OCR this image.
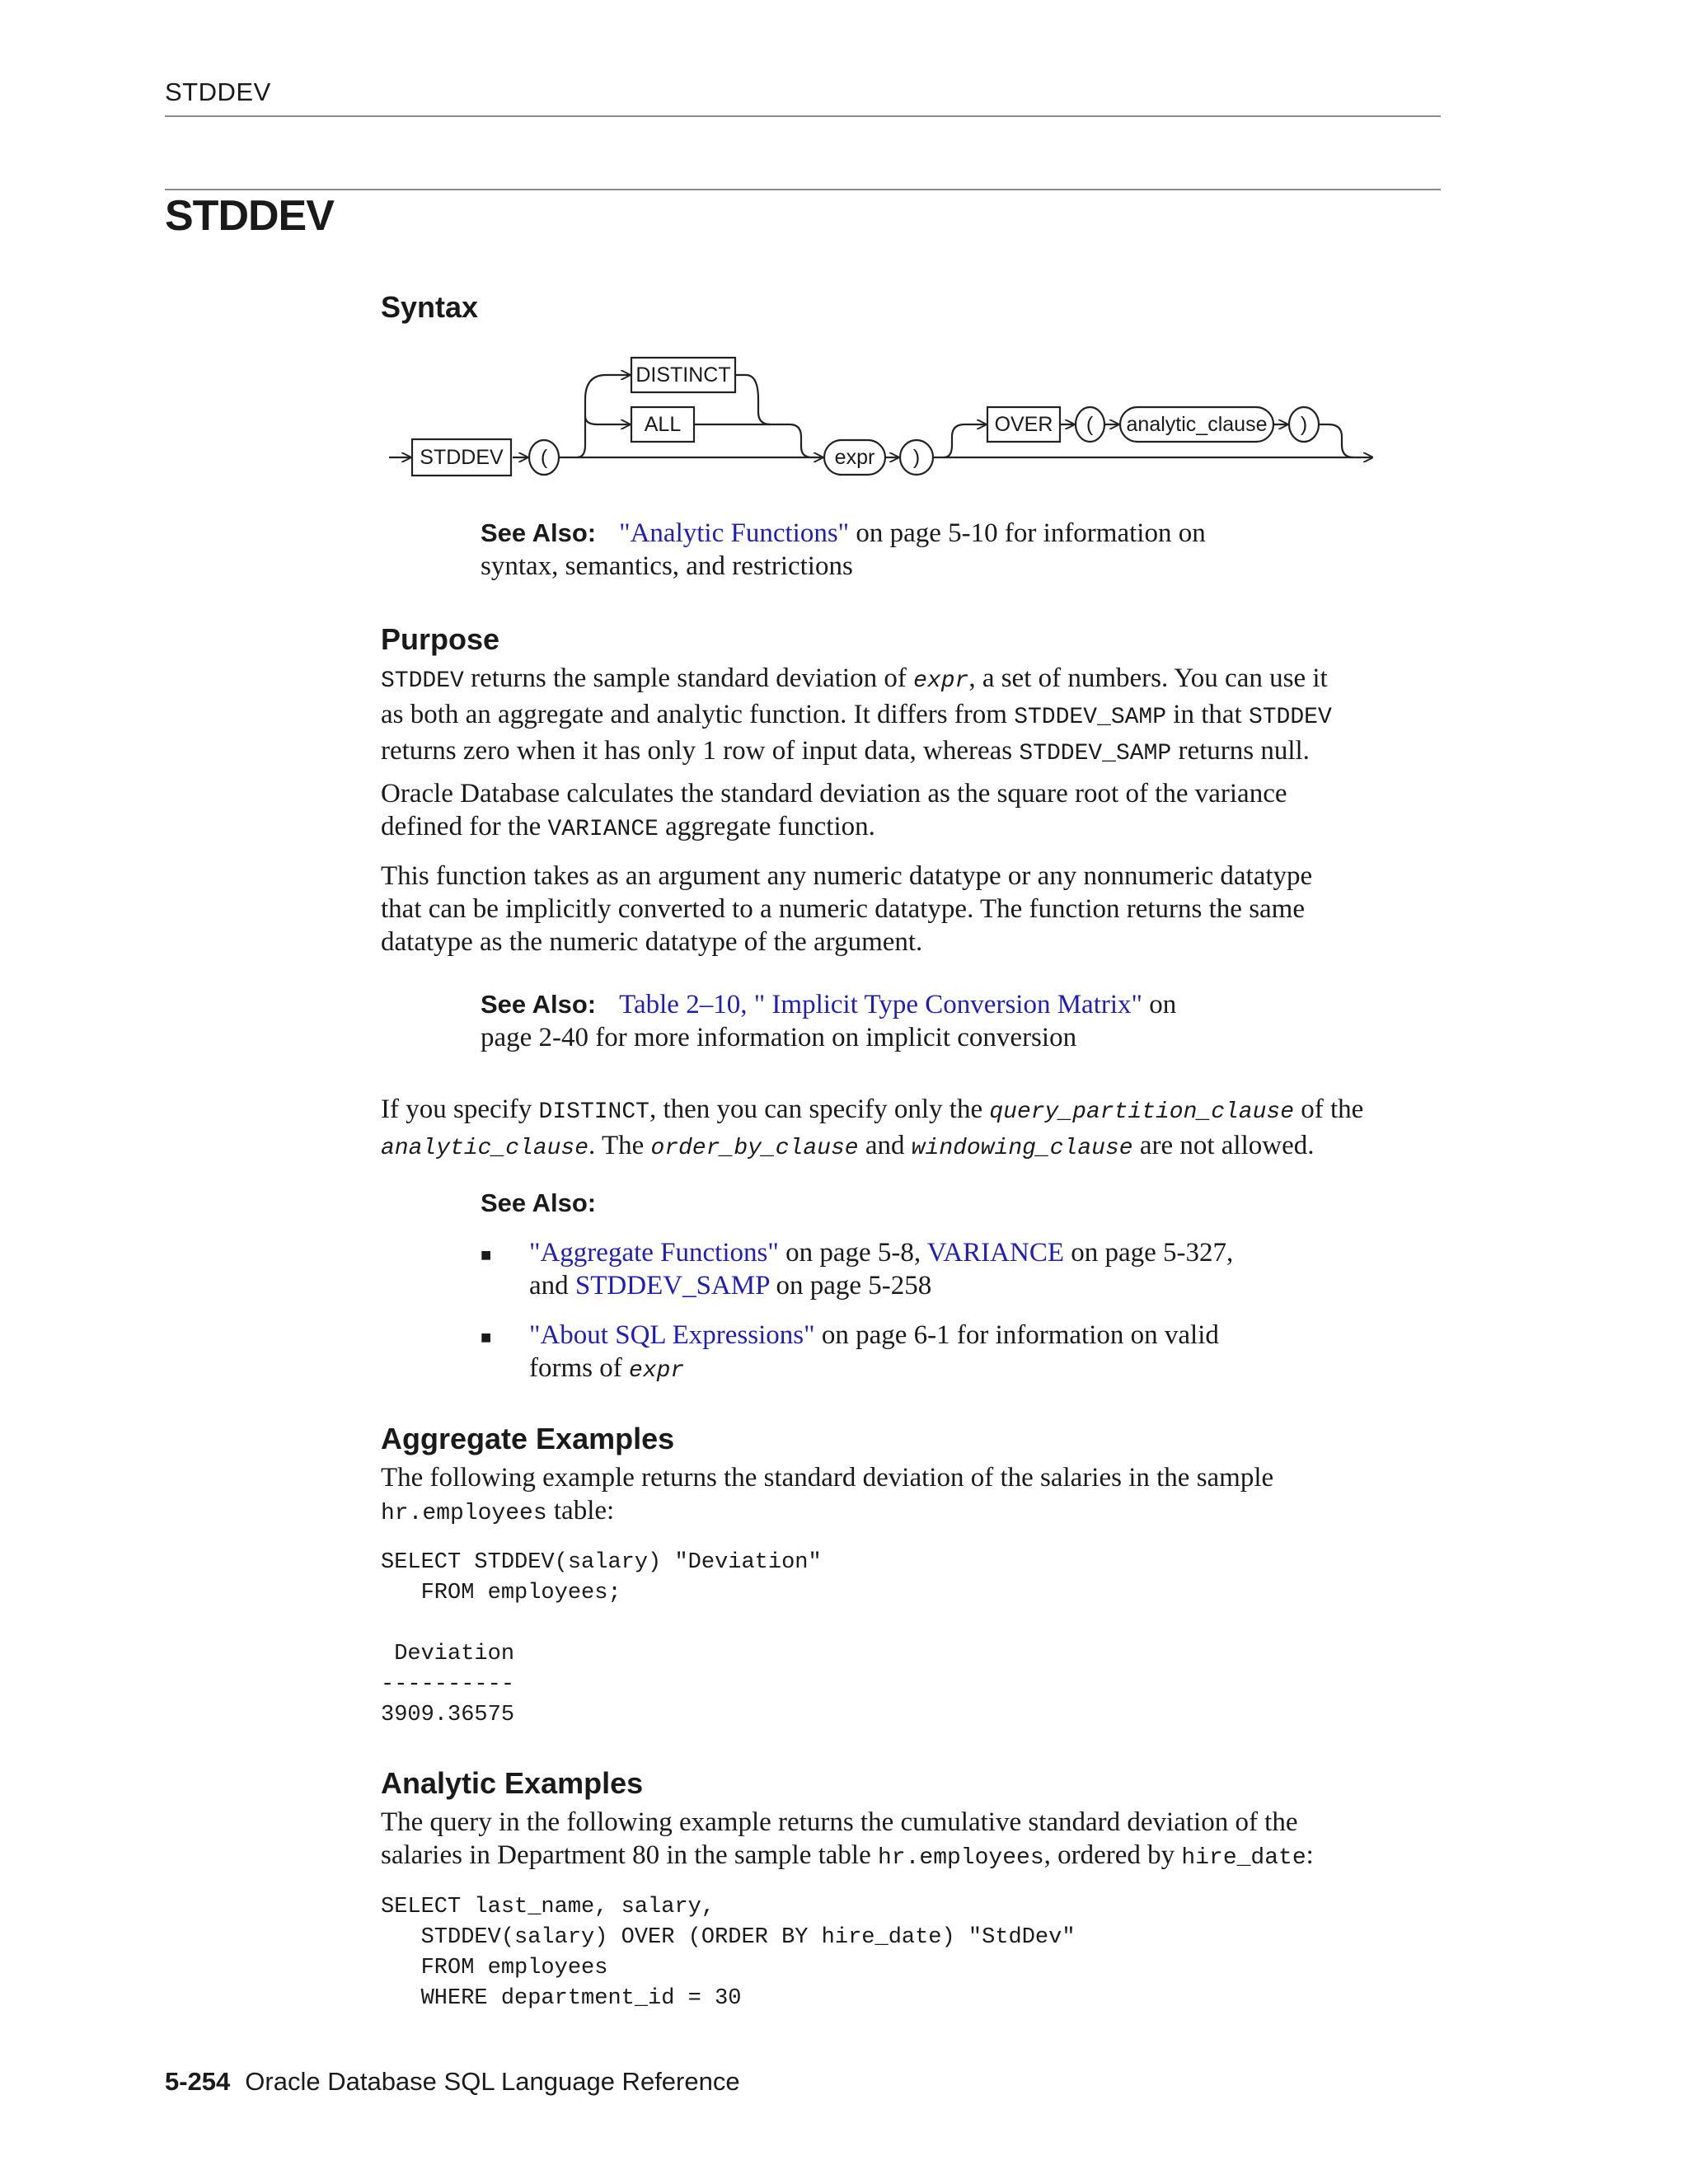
STDDEV
STDDEV
Syntax
STDDEV (
DISTINCT
ALL
expr )
OVER ( analytic_clause )
See Also: "Analytic Functions" on page 5-10 for information on
syntax, semantics, and restrictions
Purpose
STDDEV returns the sample standard deviation of expr, a set of numbers. You can use it
as both an aggregate and analytic function. It differs from STDDEV_SAMP in that STDDEV
returns zero when it has only 1 row of input data, whereas STDDEV_SAMP returns null.
Oracle Database calculates the standard deviation as the square root of the variance
defined for the VARIANCE aggregate function.
This function takes as an argument any numeric datatype or any nonnumeric datatype
that can be implicitly converted to a numeric datatype. The function returns the same
datatype as the numeric datatype of the argument.
See Also: Table 2–10, " Implicit Type Conversion Matrix" on
page 2-40 for more information on implicit conversion
If you specify DISTINCT, then you can specify only the query_partition_clause of the
analytic_clause. The order_by_clause and windowing_clause are not allowed.
See Also:
■ "Aggregate Functions" on page 5-8, VARIANCE on page 5-327,
and STDDEV_SAMP on page 5-258
■ "About SQL Expressions" on page 6-1 for information on valid
forms of expr
Aggregate Examples
The following example returns the standard deviation of the salaries in the sample
hr.employees table:
SELECT STDDEV(salary) "Deviation"
FROM employees;

Deviation
----------
3909.36575
Analytic Examples
The query in the following example returns the cumulative standard deviation of the
salaries in Department 80 in the sample table hr.employees, ordered by hire_date:
SELECT last_name, salary,
STDDEV(salary) OVER (ORDER BY hire_date) "StdDev"
FROM employees
WHERE department_id = 30
5-254 Oracle Database SQL Language Reference
